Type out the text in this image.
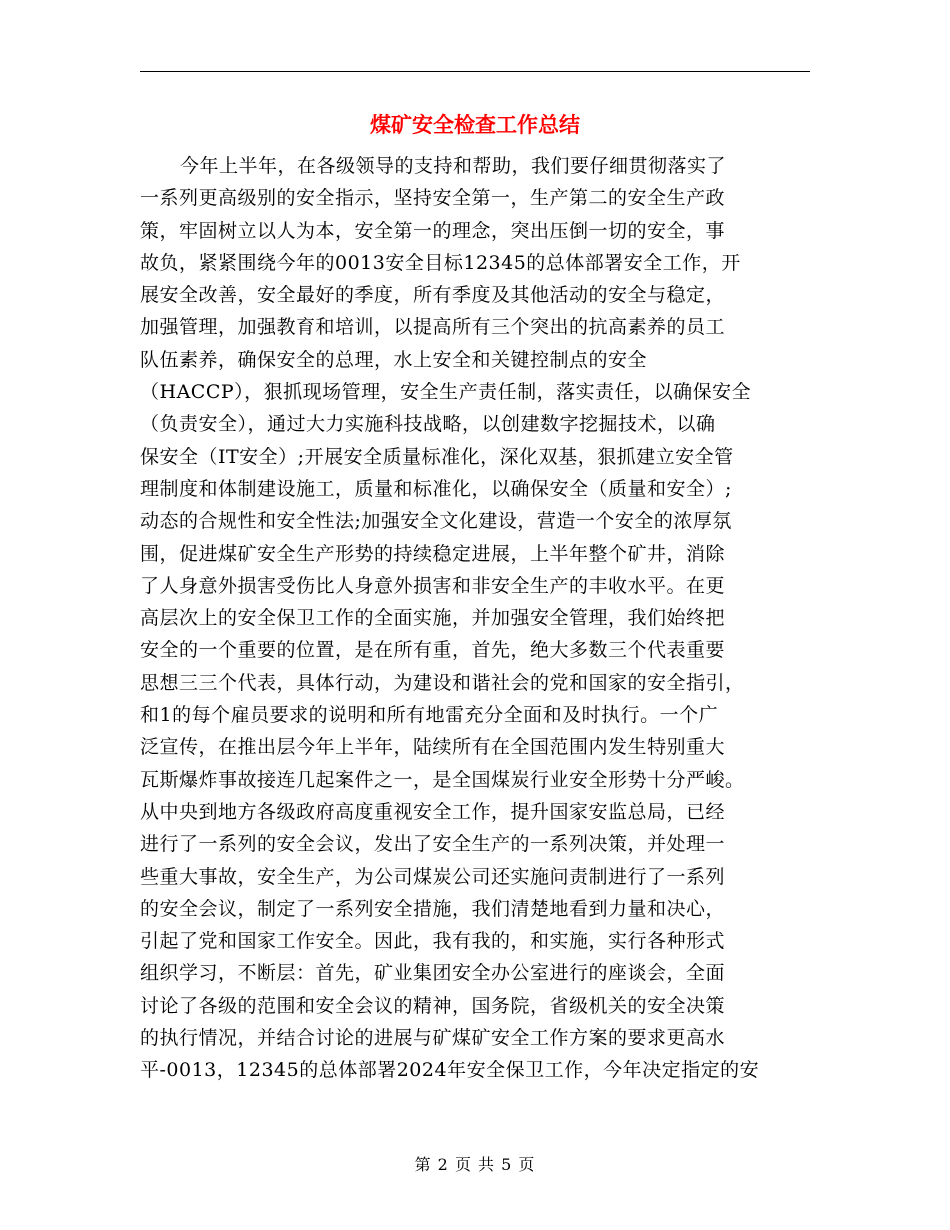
煤矿安全检查工作总结
今年上半年，在各级领导的支持和帮助，我们要仔细贯彻落实了
一系列更高级别的安全指示，坚持安全第一，生产第二的安全生产政
策，牢固树立以人为本，安全第一的理念，突出压倒一切的安全，事
故负，紧紧围绕今年的0013安全目标12345的总体部署安全工作，开
展安全改善，安全最好的季度，所有季度及其他活动的安全与稳定，
加强管理，加强教育和培训，以提高所有三个突出的抗高素养的员工
队伍素养，确保安全的总理，水上安全和关键控制点的安全
（HACCP），狠抓现场管理，安全生产责任制，落实责任，以确保安全
（负责安全），通过大力实施科技战略，以创建数字挖掘技术，以确
保安全（IT安全）;开展安全质量标准化，深化双基，狠抓建立安全管
理制度和体制建设施工，质量和标准化，以确保安全（质量和安全）;
动态的合规性和安全性法;加强安全文化建设，营造一个安全的浓厚氛
围，促进煤矿安全生产形势的持续稳定进展，上半年整个矿井，消除
了人身意外损害受伤比人身意外损害和非安全生产的丰收水平。在更
高层次上的安全保卫工作的全面实施，并加强安全管理，我们始终把
安全的一个重要的位置，是在所有重，首先，绝大多数三个代表重要
思想三三个代表，具体行动，为建设和谐社会的党和国家的安全指引，
和1的每个雇员要求的说明和所有地雷充分全面和及时执行。一个广
泛宣传，在推出层今年上半年，陆续所有在全国范围内发生特别重大
瓦斯爆炸事故接连几起案件之一，是全国煤炭行业安全形势十分严峻。
从中央到地方各级政府高度重视安全工作，提升国家安监总局，已经
进行了一系列的安全会议，发出了安全生产的一系列决策，并处理一
些重大事故，安全生产，为公司煤炭公司还实施问责制进行了一系列
的安全会议，制定了一系列安全措施，我们清楚地看到力量和决心，
引起了党和国家工作安全。因此，我有我的，和实施，实行各种形式
组织学习，不断层：首先，矿业集团安全办公室进行的座谈会，全面
讨论了各级的范围和安全会议的精神，国务院，省级机关的安全决策
的执行情况，并结合讨论的进展与矿煤矿安全工作方案的要求更高水
平-0013，12345的总体部署2024年安全保卫工作，今年决定指定的安
第 2 页 共 5 页
